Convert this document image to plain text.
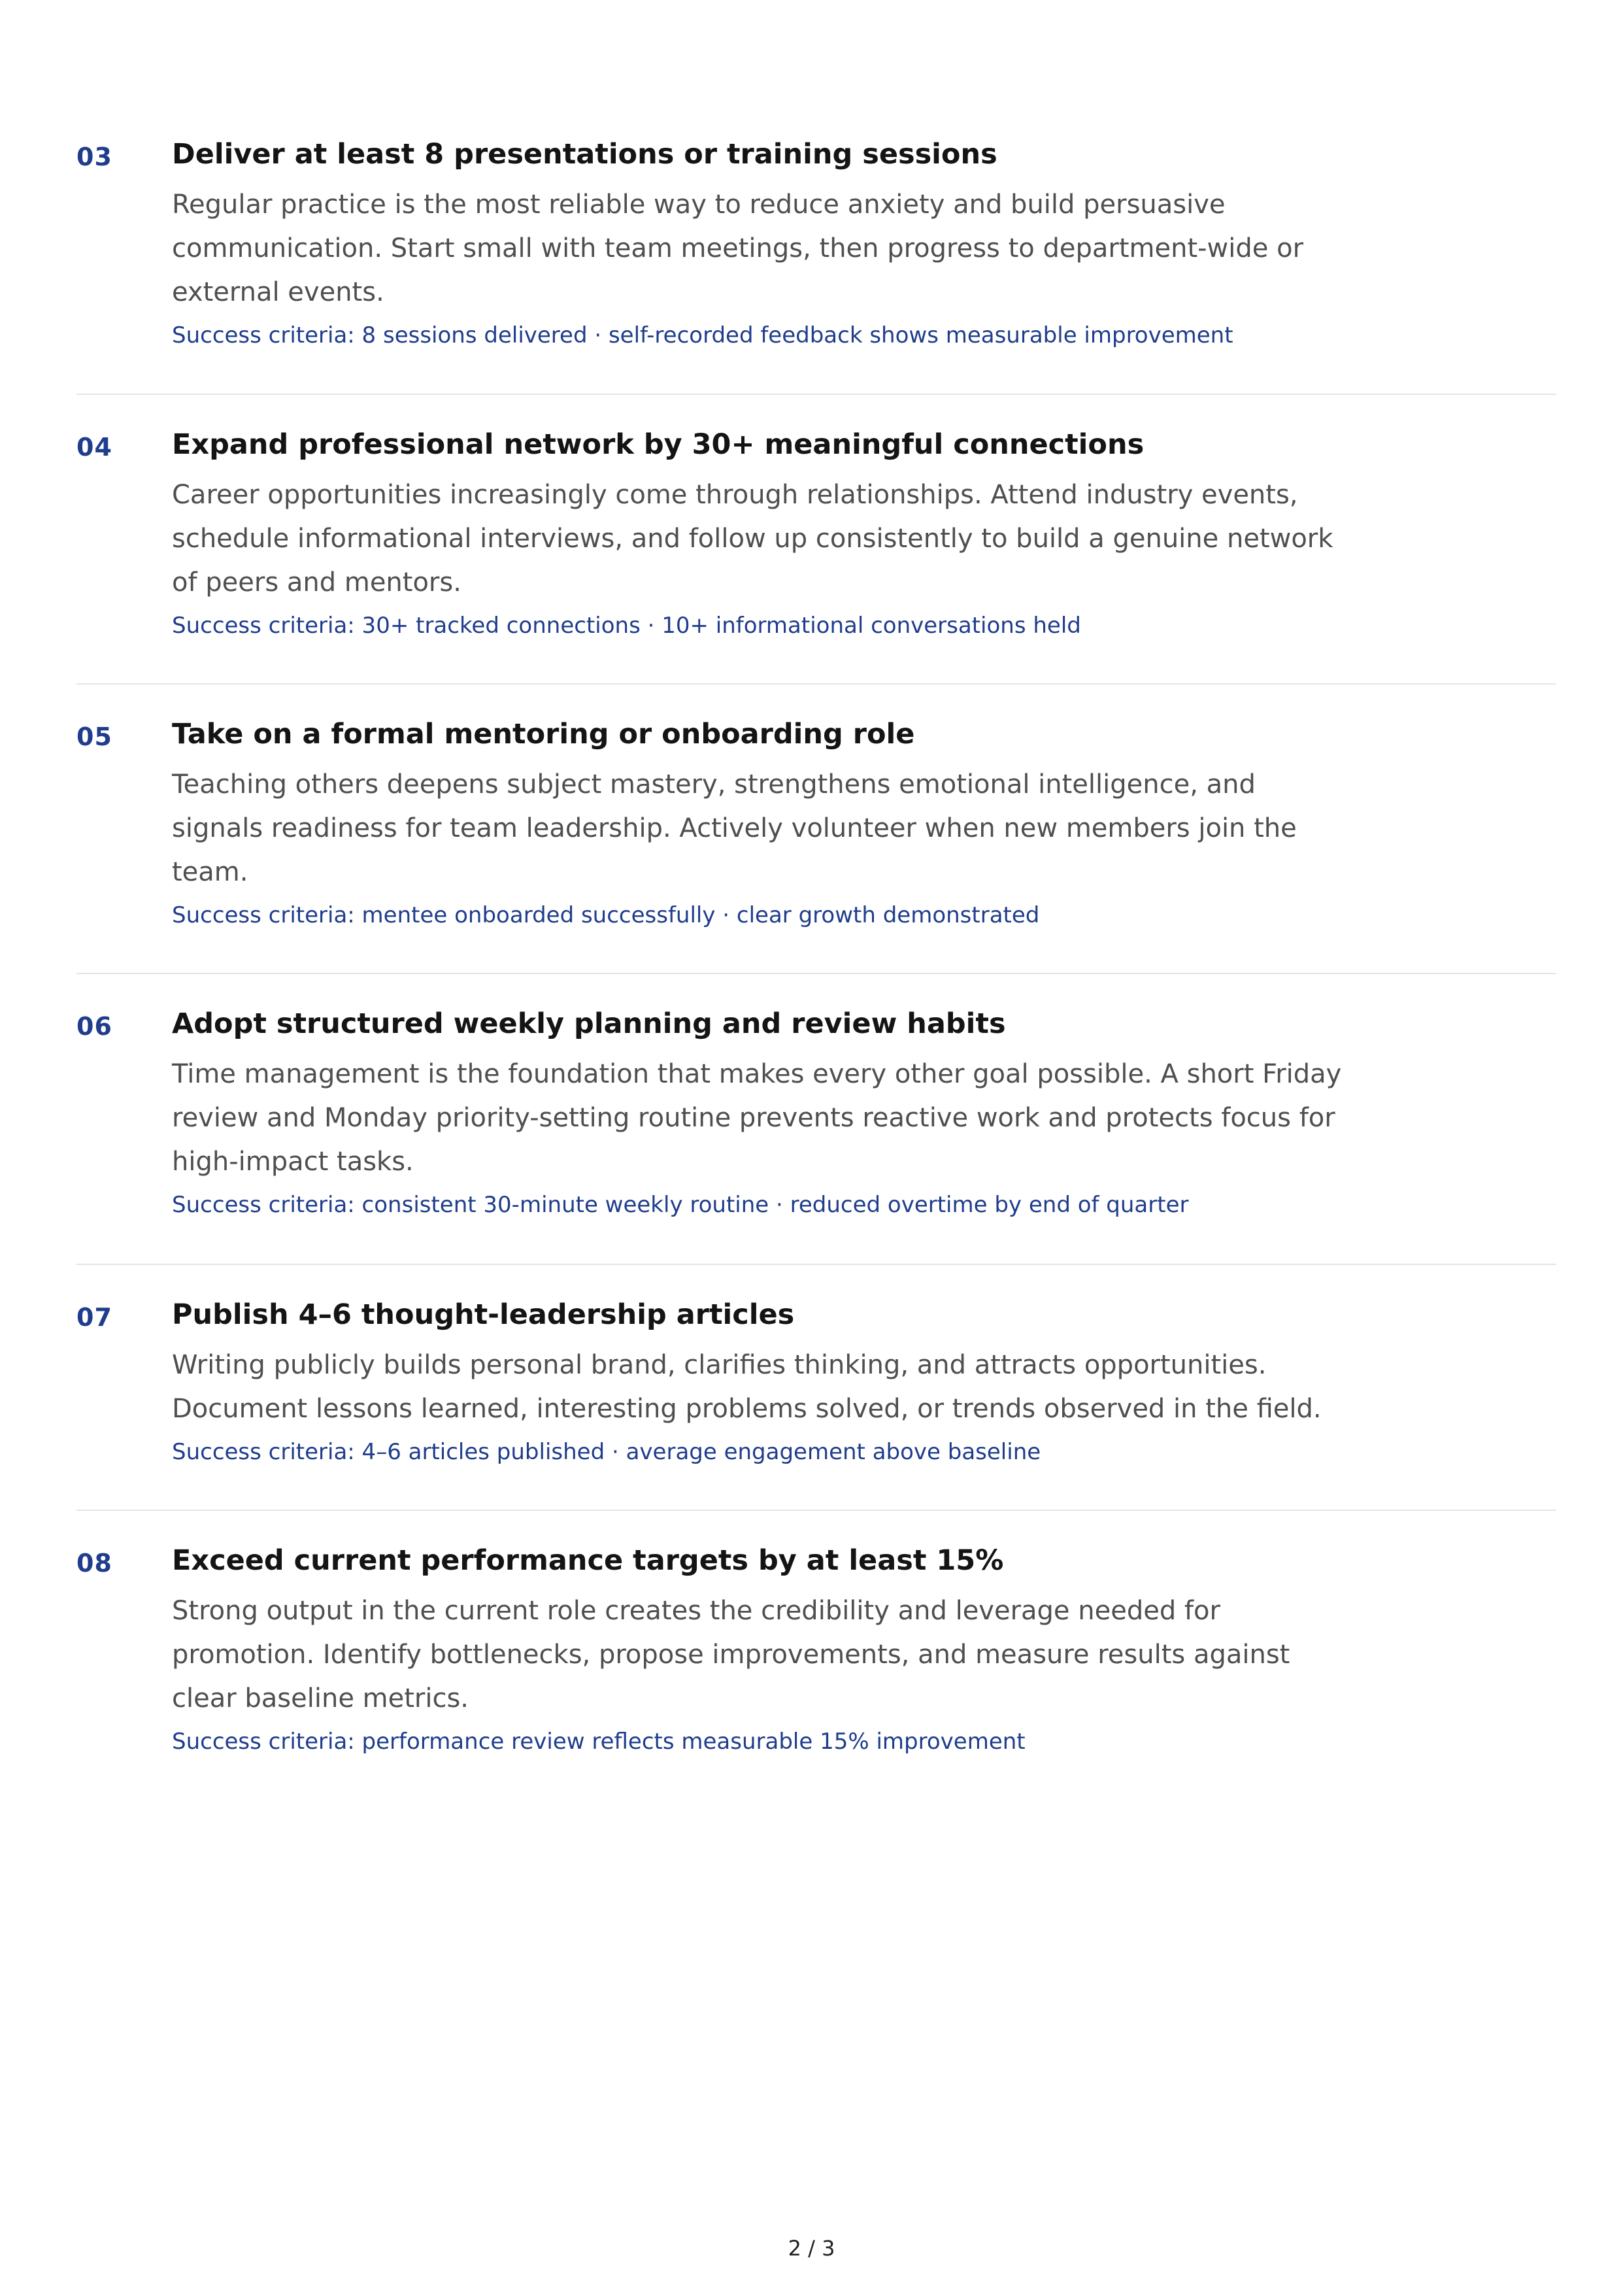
03 Deliver at least 8 presentations or training sessions
Regular practice is the most reliable way to reduce anxiety and build persuasive
communication. Start small with team meetings, then progress to department-wide or
external events.
Success criteria: 8 sessions delivered · self-recorded feedback shows measurable improvement
04 Expand professional network by 30+ meaningful connections
Career opportunities increasingly come through relationships. Attend industry events,
schedule informational interviews, and follow up consistently to build a genuine network
of peers and mentors.
Success criteria: 30+ tracked connections · 10+ informational conversations held
05 Take on a formal mentoring or onboarding role
Teaching others deepens subject mastery, strengthens emotional intelligence, and
signals readiness for team leadership. Actively volunteer when new members join the
team.
Success criteria: mentee onboarded successfully · clear growth demonstrated
06 Adopt structured weekly planning and review habits
Time management is the foundation that makes every other goal possible. A short Friday
review and Monday priority-setting routine prevents reactive work and protects focus for
high-impact tasks.
Success criteria: consistent 30-minute weekly routine · reduced overtime by end of quarter
07 Publish 4–6 thought-leadership articles
Writing publicly builds personal brand, clarifies thinking, and attracts opportunities.
Document lessons learned, interesting problems solved, or trends observed in the field.
Success criteria: 4–6 articles published · average engagement above baseline
08 Exceed current performance targets by at least 15%
Strong output in the current role creates the credibility and leverage needed for
promotion. Identify bottlenecks, propose improvements, and measure results against
clear baseline metrics.
Success criteria: performance review reflects measurable 15% improvement
2 / 3
